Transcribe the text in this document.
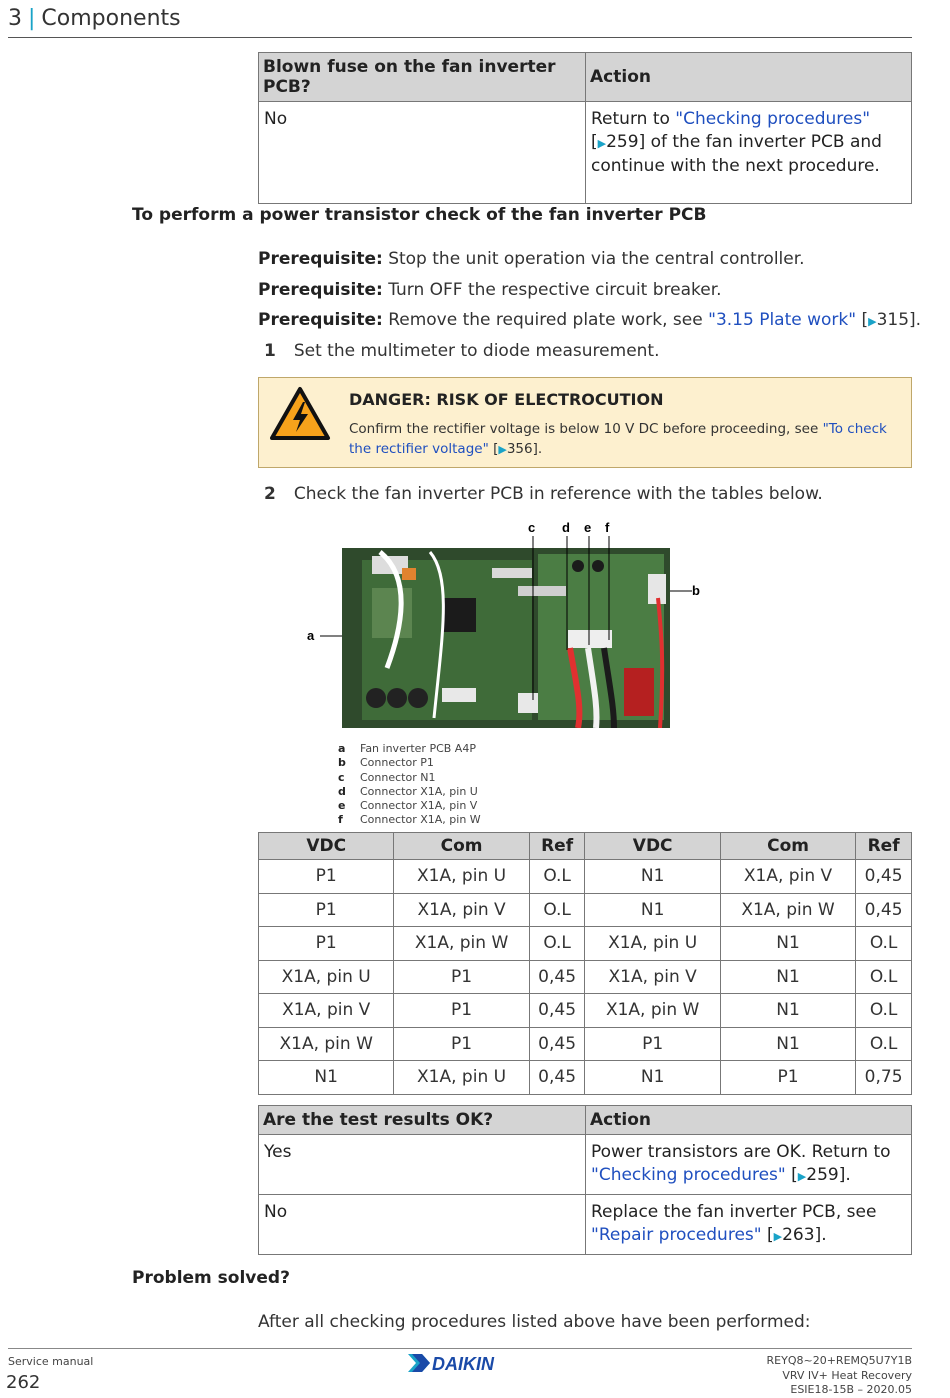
3 | Components
Blown fuse on the fan inverter PCB?	Action
No	Return to "Checking procedures" [▶259] of the fan inverter PCB and continue with the next procedure.
To perform a power transistor check of the fan inverter PCB
Prerequisite: Stop the unit operation via the central controller.
Prerequisite: Turn OFF the respective circuit breaker.
Prerequisite: Remove the required plate work, see "3.15 Plate work" [▶315].
1 Set the multimeter to diode measurement.
DANGER: RISK OF ELECTROCUTION
Confirm the rectifier voltage is below 10 V DC before proceeding, see "To check the rectifier voltage" [▶356].
2 Check the fan inverter PCB in reference with the tables below.
c d e f
b
a
a	Fan inverter PCB A4P
b	Connector P1
c	Connector N1
d	Connector X1A, pin U
e	Connector X1A, pin V
f	Connector X1A, pin W
VDC	Com	Ref	VDC	Com	Ref
P1	X1A, pin U	O.L	N1	X1A, pin V	0,45
P1	X1A, pin V	O.L	N1	X1A, pin W	0,45
P1	X1A, pin W	O.L	X1A, pin U	N1	O.L
X1A, pin U	P1	0,45	X1A, pin V	N1	O.L
X1A, pin V	P1	0,45	X1A, pin W	N1	O.L
X1A, pin W	P1	0,45	P1	N1	O.L
N1	X1A, pin U	0,45	N1	P1	0,75
Are the test results OK?	Action
Yes	Power transistors are OK. Return to "Checking procedures" [▶259].
No	Replace the fan inverter PCB, see "Repair procedures" [▶263].
Problem solved?
After all checking procedures listed above have been performed:
Service manual
262
DAIKIN	REYQ8~20+REMQ5U7Y1B
VRV IV+ Heat Recovery
ESIE18-15B – 2020.05
